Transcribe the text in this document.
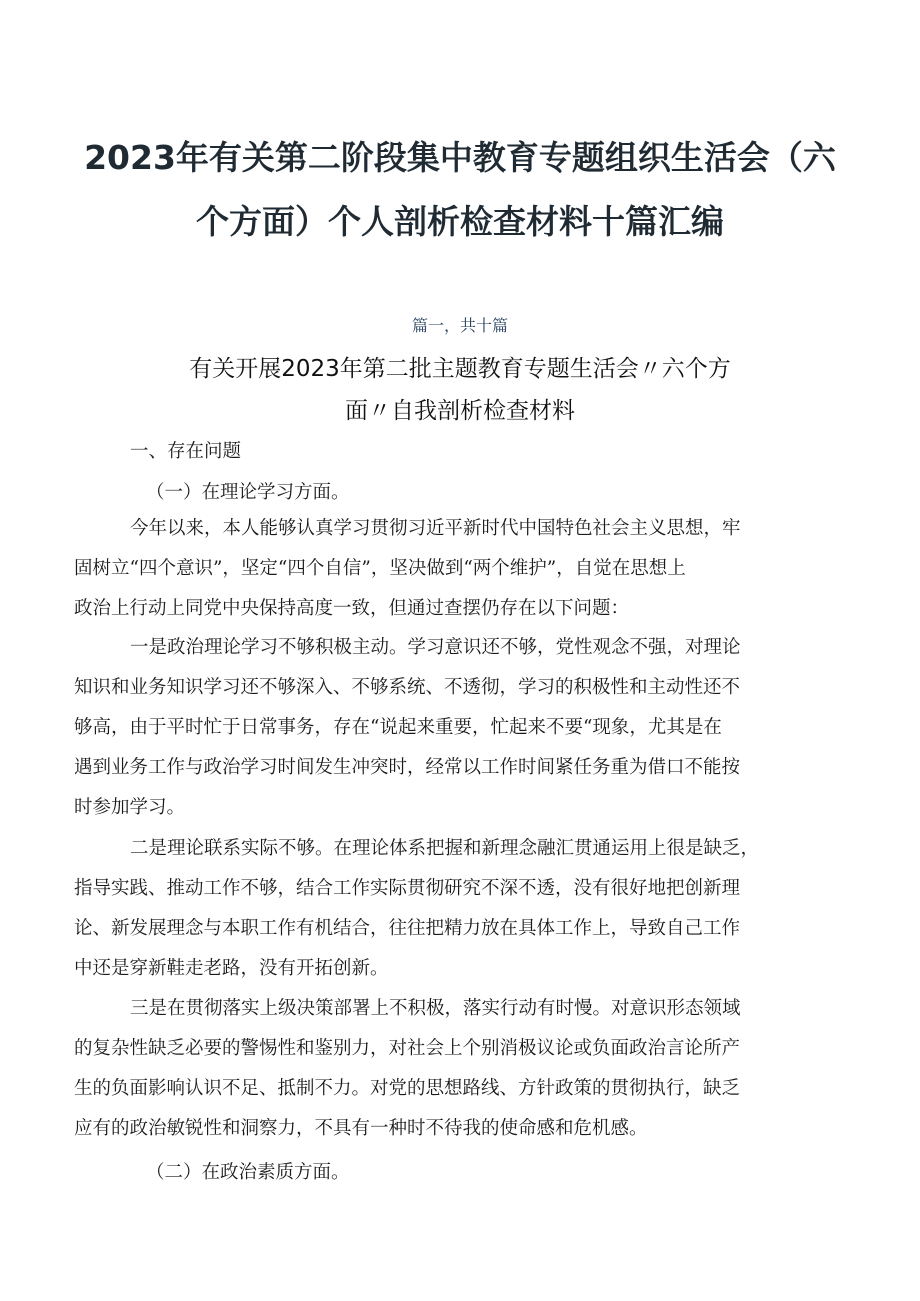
2023年有关第二阶段集中教育专题组织生活会（六
个方面）个人剖析检查材料十篇汇编
篇一，共十篇
有关开展2023年第二批主题教育专题生活会〃六个方
面〃自我剖析检查材料
一、存在问题
（一）在理论学习方面。
今年以来，本人能够认真学习贯彻习近平新时代中国特色社会主义思想，牢
固树立“四个意识”，坚定“四个自信”，坚决做到“两个维护”，自觉在思想上
政治上行动上同党中央保持高度一致，但通过查摆仍存在以下问题：
一是政治理论学习不够积极主动。学习意识还不够，党性观念不强，对理论
知识和业务知识学习还不够深入、不够系统、不透彻，学习的积极性和主动性还不
够高，由于平时忙于日常事务，存在“说起来重要，忙起来不要“现象，尤其是在
遇到业务工作与政治学习时间发生冲突时，经常以工作时间紧任务重为借口不能按
时参加学习。
二是理论联系实际不够。在理论体系把握和新理念融汇贯通运用上很是缺乏，
指导实践、推动工作不够，结合工作实际贯彻研究不深不透，没有很好地把创新理
论、新发展理念与本职工作有机结合，往往把精力放在具体工作上，导致自己工作
中还是穿新鞋走老路，没有开拓创新。
三是在贯彻落实上级决策部署上不积极，落实行动有时慢。对意识形态领域
的复杂性缺乏必要的警惕性和鉴别力，对社会上个别消极议论或负面政治言论所产
生的负面影响认识不足、抵制不力。对党的思想路线、方针政策的贯彻执行，缺乏
应有的政治敏锐性和洞察力，不具有一种时不待我的使命感和危机感。
（二）在政治素质方面。
